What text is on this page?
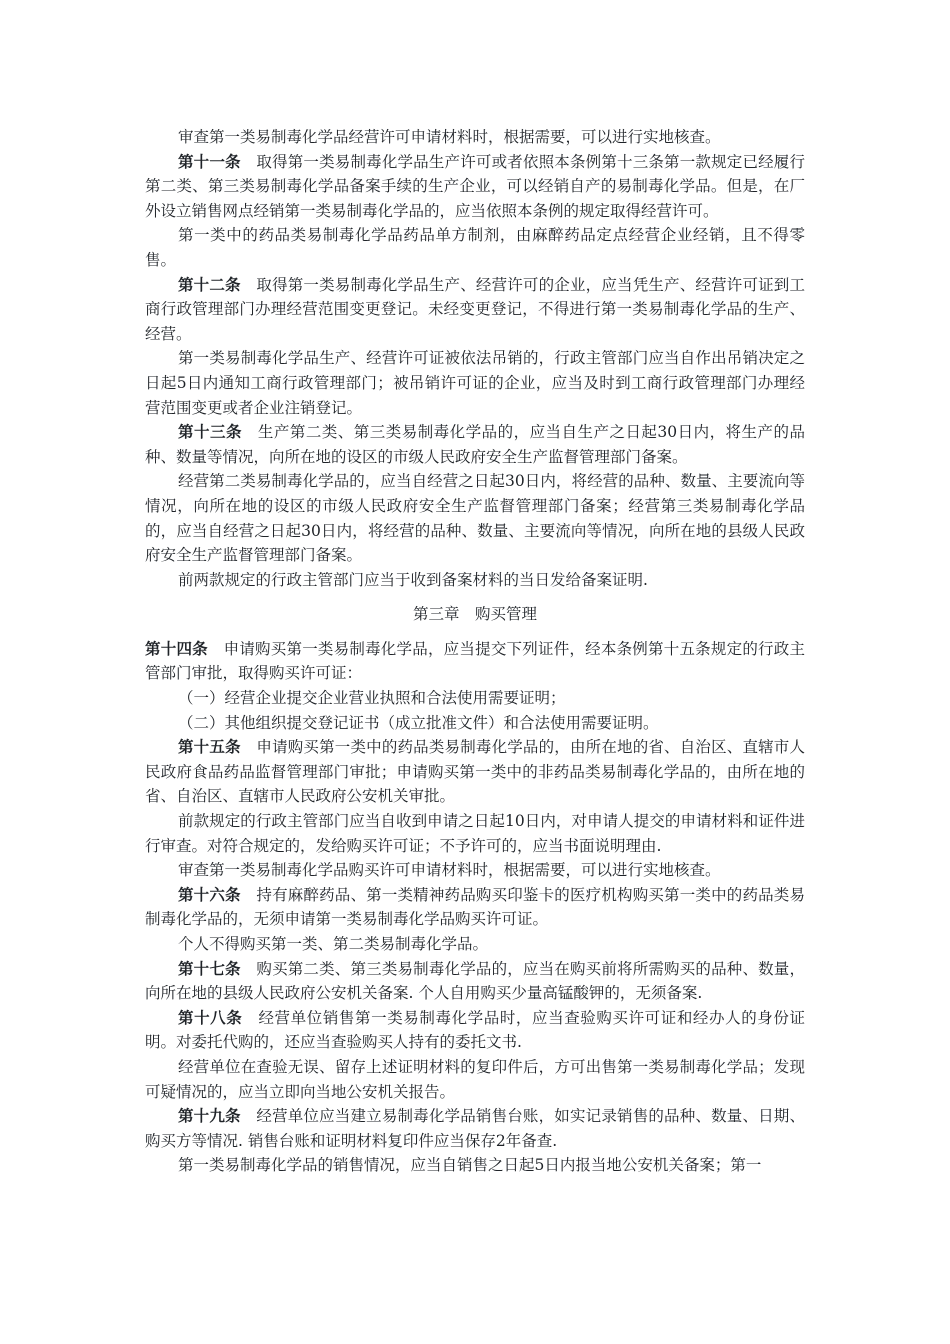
审查第一类易制毒化学品经营许可申请材料时，根据需要，可以进行实地核查。

第十一条　取得第一类易制毒化学品生产许可或者依照本条例第十三条第一款规定已经履行第二类、第三类易制毒化学品备案手续的生产企业，可以经销自产的易制毒化学品。但是，在厂外设立销售网点经销第一类易制毒化学品的，应当依照本条例的规定取得经营许可。

第一类中的药品类易制毒化学品药品单方制剂，由麻醉药品定点经营企业经销，且不得零售。

第十二条　取得第一类易制毒化学品生产、经营许可的企业，应当凭生产、经营许可证到工商行政管理部门办理经营范围变更登记。未经变更登记，不得进行第一类易制毒化学品的生产、经营。

第一类易制毒化学品生产、经营许可证被依法吊销的，行政主管部门应当自作出吊销决定之日起5日内通知工商行政管理部门；被吊销许可证的企业，应当及时到工商行政管理部门办理经营范围变更或者企业注销登记。

第十三条　生产第二类、第三类易制毒化学品的，应当自生产之日起30日内，将生产的品种、数量等情况，向所在地的设区的市级人民政府安全生产监督管理部门备案。

经营第二类易制毒化学品的，应当自经营之日起30日内，将经营的品种、数量、主要流向等情况，向所在地的设区的市级人民政府安全生产监督管理部门备案；经营第三类易制毒化学品的，应当自经营之日起30日内，将经营的品种、数量、主要流向等情况，向所在地的县级人民政府安全生产监督管理部门备案。

前两款规定的行政主管部门应当于收到备案材料的当日发给备案证明.

第三章　购买管理

第十四条　申请购买第一类易制毒化学品，应当提交下列证件，经本条例第十五条规定的行政主管部门审批，取得购买许可证：

（一）经营企业提交企业营业执照和合法使用需要证明；

（二）其他组织提交登记证书（成立批准文件）和合法使用需要证明。

第十五条　申请购买第一类中的药品类易制毒化学品的，由所在地的省、自治区、直辖市人民政府食品药品监督管理部门审批；申请购买第一类中的非药品类易制毒化学品的，由所在地的省、自治区、直辖市人民政府公安机关审批。

前款规定的行政主管部门应当自收到申请之日起10日内，对申请人提交的申请材料和证件进行审查。对符合规定的，发给购买许可证；不予许可的，应当书面说明理由.

审查第一类易制毒化学品购买许可申请材料时，根据需要，可以进行实地核查。

第十六条　持有麻醉药品、第一类精神药品购买印鉴卡的医疗机构购买第一类中的药品类易制毒化学品的，无须申请第一类易制毒化学品购买许可证。

个人不得购买第一类、第二类易制毒化学品。

第十七条　购买第二类、第三类易制毒化学品的，应当在购买前将所需购买的品种、数量，向所在地的县级人民政府公安机关备案. 个人自用购买少量高锰酸钾的，无须备案.

第十八条　经营单位销售第一类易制毒化学品时，应当查验购买许可证和经办人的身份证明。对委托代购的，还应当查验购买人持有的委托文书.

经营单位在查验无误、留存上述证明材料的复印件后，方可出售第一类易制毒化学品；发现可疑情况的，应当立即向当地公安机关报告。

第十九条　经营单位应当建立易制毒化学品销售台账，如实记录销售的品种、数量、日期、购买方等情况. 销售台账和证明材料复印件应当保存2年备查.

第一类易制毒化学品的销售情况，应当自销售之日起5日内报当地公安机关备案；第一
